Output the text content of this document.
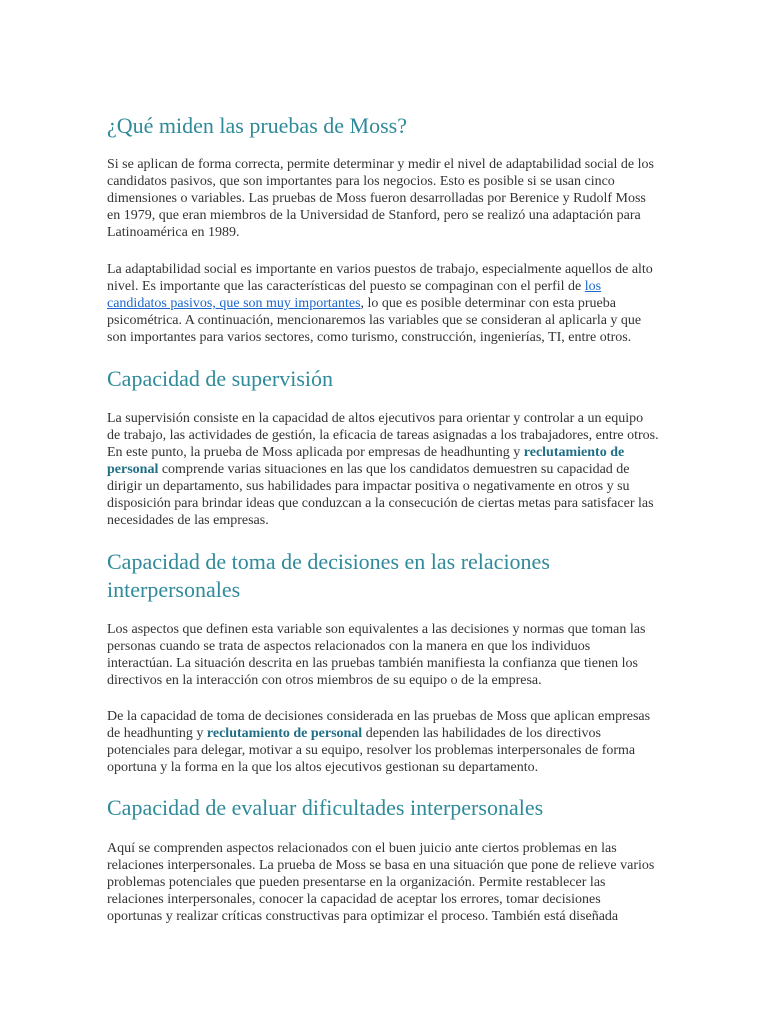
¿Qué miden las pruebas de Moss?

Si se aplican de forma correcta, permite determinar y medir el nivel de adaptabilidad social de los candidatos pasivos, que son importantes para los negocios. Esto es posible si se usan cinco dimensiones o variables. Las pruebas de Moss fueron desarrolladas por Berenice y Rudolf Moss en 1979, que eran miembros de la Universidad de Stanford, pero se realizó una adaptación para Latinoamérica en 1989.

La adaptabilidad social es importante en varios puestos de trabajo, especialmente aquellos de alto nivel. Es importante que las características del puesto se compaginan con el perfil de los candidatos pasivos, que son muy importantes, lo que es posible determinar con esta prueba psicométrica. A continuación, mencionaremos las variables que se consideran al aplicarla y que son importantes para varios sectores, como turismo, construcción, ingenierías, TI, entre otros.

Capacidad de supervisión

La supervisión consiste en la capacidad de altos ejecutivos para orientar y controlar a un equipo de trabajo, las actividades de gestión, la eficacia de tareas asignadas a los trabajadores, entre otros. En este punto, la prueba de Moss aplicada por empresas de headhunting y reclutamiento de personal comprende varias situaciones en las que los candidatos demuestren su capacidad de dirigir un departamento, sus habilidades para impactar positiva o negativamente en otros y su disposición para brindar ideas que conduzcan a la consecución de ciertas metas para satisfacer las necesidades de las empresas.

Capacidad de toma de decisiones en las relaciones interpersonales

Los aspectos que definen esta variable son equivalentes a las decisiones y normas que toman las personas cuando se trata de aspectos relacionados con la manera en que los individuos interactúan. La situación descrita en las pruebas también manifiesta la confianza que tienen los directivos en la interacción con otros miembros de su equipo o de la empresa.

De la capacidad de toma de decisiones considerada en las pruebas de Moss que aplican empresas de headhunting y reclutamiento de personal dependen las habilidades de los directivos potenciales para delegar, motivar a su equipo, resolver los problemas interpersonales de forma oportuna y la forma en la que los altos ejecutivos gestionan su departamento.

Capacidad de evaluar dificultades interpersonales

Aquí se comprenden aspectos relacionados con el buen juicio ante ciertos problemas en las relaciones interpersonales. La prueba de Moss se basa en una situación que pone de relieve varios problemas potenciales que pueden presentarse en la organización. Permite restablecer las relaciones interpersonales, conocer la capacidad de aceptar los errores, tomar decisiones oportunas y realizar críticas constructivas para optimizar el proceso. También está diseñada
